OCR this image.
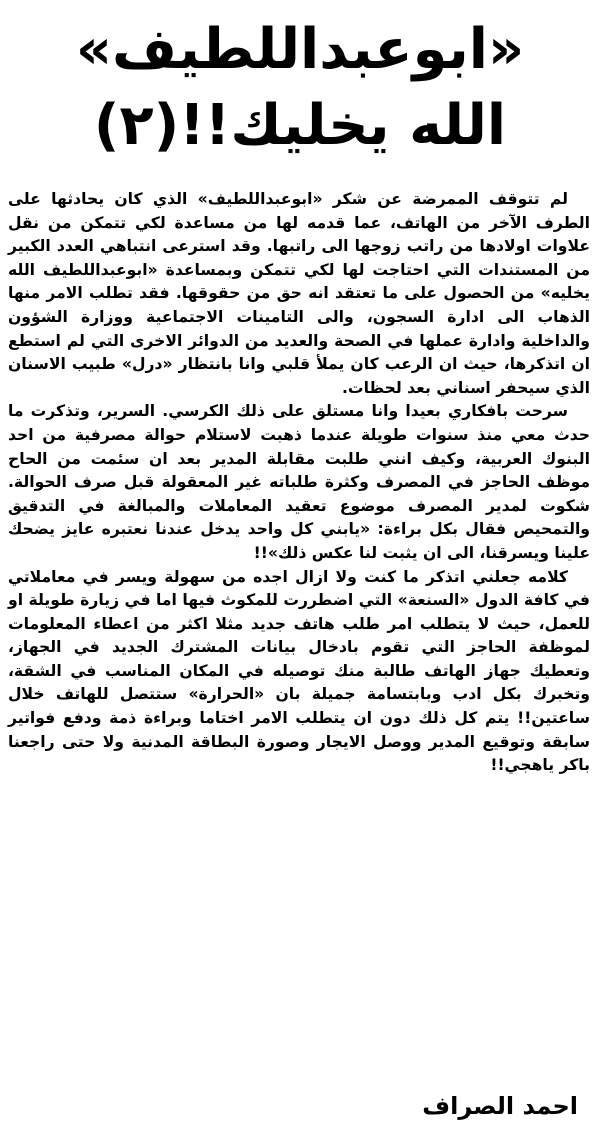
«ابوعبداللطيف»
الله يخليك!!(٢)

لم تتوقف الممرضة عن شكر «ابوعبداللطيف» الذي كان يحادثها على الطرف الآخر من الهاتف، عما قدمه لها من مساعدة لكي تتمكن من نقل علاوات اولادها من راتب زوجها الى راتبها. وقد استرعى انتباهي العدد الكبير من المستندات التي احتاجت لها لكي تتمكن وبمساعدة «ابوعبداللطيف الله يخليه» من الحصول على ما تعتقد انه حق من حقوقها. فقد تطلب الامر منها الذهاب الى ادارة السجون، والى التامينات الاجتماعية ووزارة الشؤون والداخلية وادارة عملها في الصحة والعديد من الدوائر الاخرى التي لم استطع ان اتذكرها، حيث ان الرعب كان يملأ قلبي وانا بانتظار «درل» طبيب الاسنان الذي سيحفر اسناني بعد لحظات.

سرحت بافكاري بعيدا وانا مستلق على ذلك الكرسي. السرير، وتذكرت ما حدث معي منذ سنوات طويلة عندما ذهبت لاستلام حوالة مصرفية من احد البنوك العربية، وكيف انني طلبت مقابلة المدير بعد ان سئمت من الحاح موظف الحاجز في المصرف وكثرة طلباته غير المعقولة قبل صرف الحوالة. شكوت لمدير المصرف موضوع تعقيد المعاملات والمبالغة في التدقيق والتمحيص فقال بكل براءة: «يابني كل واحد يدخل عندنا نعتبره عايز يضحك علينا ويسرقنا، الى ان يثبت لنا عكس ذلك»!!

كلامه جعلني اتذكر ما كنت ولا ازال اجده من سهولة ويسر في معاملاتي في كافة الدول «السنعة» التي اضطررت للمكوث فيها اما في زيارة طويلة او للعمل، حيث لا يتطلب امر طلب هاتف جديد مثلا اكثر من اعطاء المعلومات لموظفة الحاجز التي تقوم بادخال بيانات المشترك الجديد في الجهاز، وتعطيك جهاز الهاتف طالبة منك توصيله في المكان المناسب في الشقة، وتخبرك بكل ادب وبابتسامة جميلة بان «الحرارة» ستتصل للهاتف خلال ساعتين!! يتم كل ذلك دون ان يتطلب الامر اختاما وبراءة ذمة ودفع فواتير سابقة وتوقيع المدير ووصل الايجار وصورة البطاقة المدنية ولا حتى راجعنا باكر ياهجي!!

احمد الصراف
